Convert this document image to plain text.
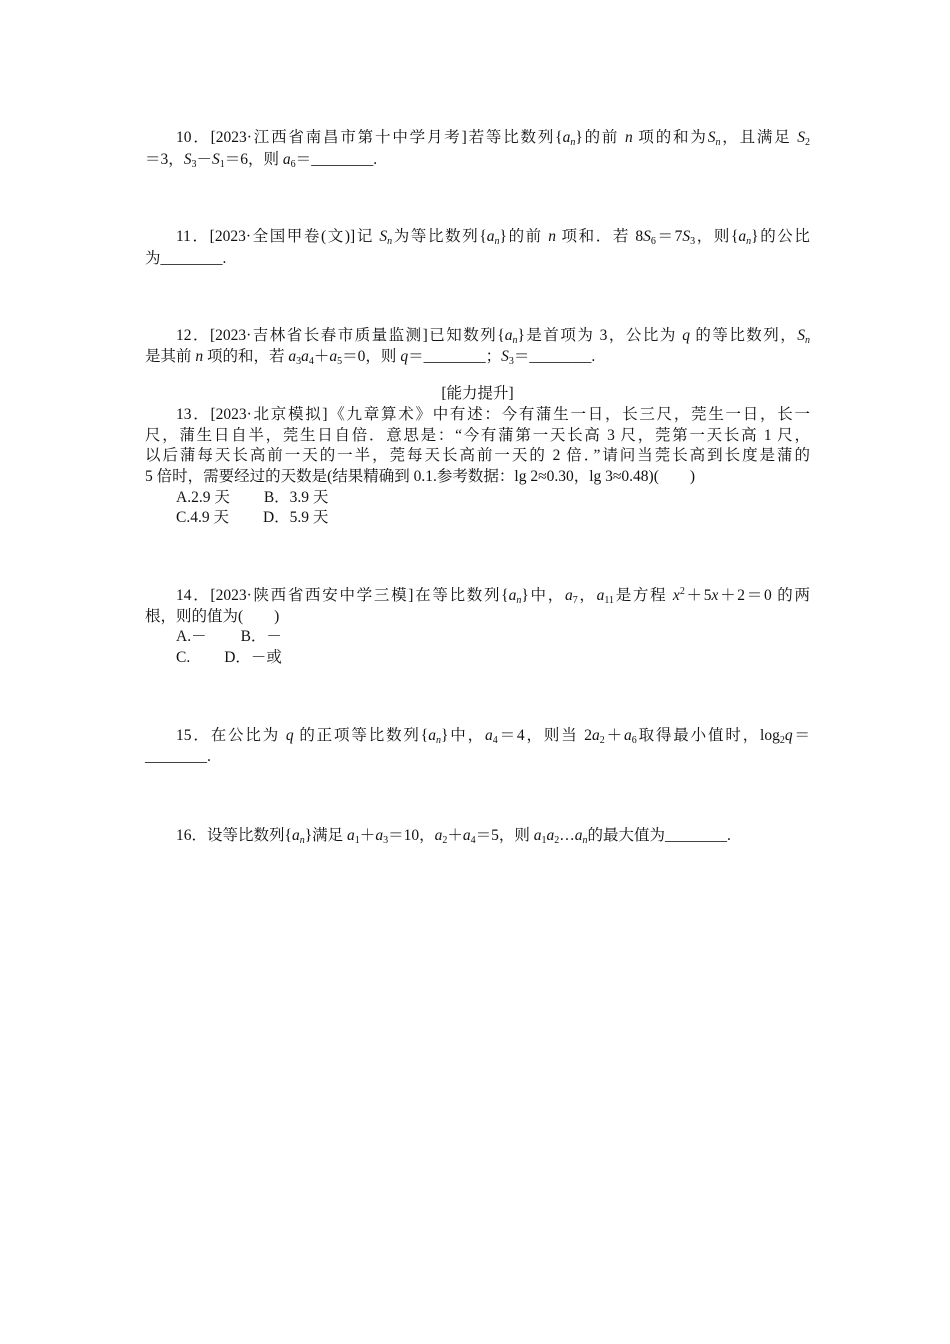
10．[2023·江西省南昌市第十中学月考]若等比数列$\{a_n\}$的前 n 项的和为$S_n$，且满足 $S_2$
＝3，$S_3-S_1=6$，则 $a_6=\_\_\_\_\_\_\_\_$.
11．[2023·全国甲卷(文)]记 $S_n$为等比数列$\{a_n\}$的前 n 项和．若 $8S_6=7S_3$，则$\{a_n\}$的公比
为________.
12．[2023·吉林省长春市质量监测]已知数列$\{a_n\}$是首项为 3，公比为 q 的等比数列，$S_n$
是其前 n 项的和，若 $a_3a_4+a_5=0$，则 q＝________；$S_3=\_\_\_\_\_\_\_\_$.
[能力提升]
13．[2023·北京模拟]《九章算术》中有述：今有蒲生一日，长三尺，莞生一日，长一
尺，蒲生日自半，莞生日自倍．意思是：“今有蒲第一天长高 3 尺，莞第一天长高 1 尺，
以后蒲每天长高前一天的一半，莞每天长高前一天的 2 倍．”请问当莞长高到长度是蒲的
5 倍时，需要经过的天数是(结果精确到 0.1.参考数据：lg 2≈0.30，lg 3≈0.48)(　　)
A.2.9 天 B．3.9 天
C.4.9 天 D．5.9 天
14．[2023·陕西省西安中学三模]在等比数列$\{a_n\}$中，$a_7$，$a_{11}$是方程 $x^2+5x+2=0$ 的两
根，则的值为(　　)
A.－ B．－
C. D．－或
15．在公比为 q 的正项等比数列$\{a_n\}$中，$a_4=4$，则当 $2a_2+a_6$取得最小值时，$\log_2q=$
________.
16．设等比数列$\{a_n\}$满足 $a_1+a_3=10$，$a_2+a_4=5$，则 $a_1a_2\dots a_n$的最大值为________.
